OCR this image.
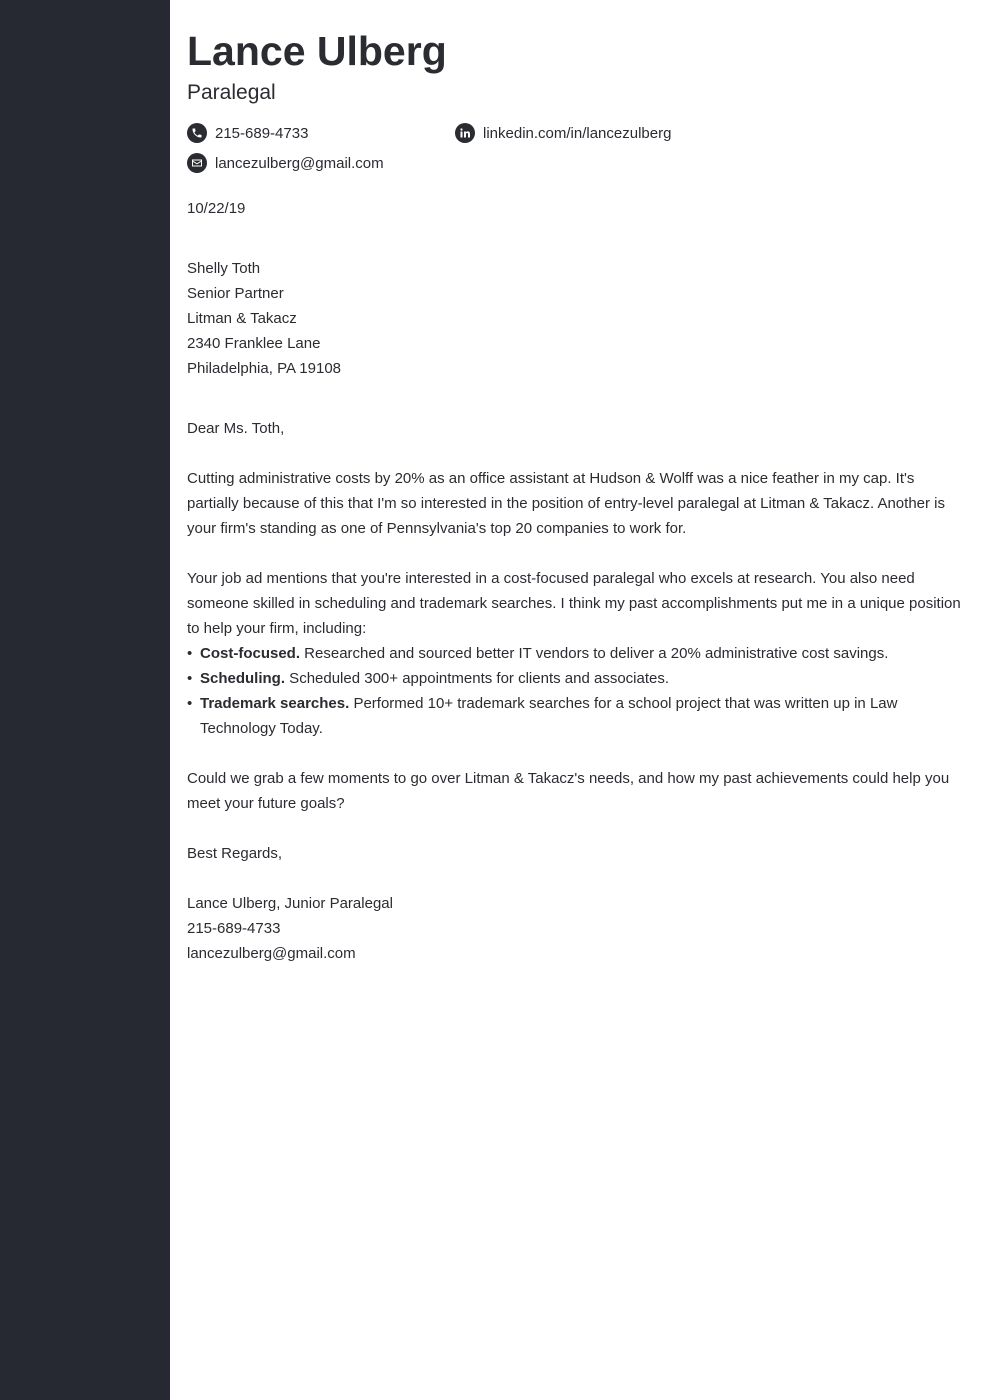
Lance Ulberg
Paralegal
215-689-4733	linkedin.com/in/lancezulberg
lancezulberg@gmail.com

10/22/19

Shelly Toth

Senior Partner

Litman & Takacz

2340 Franklee Lane

Philadelphia, PA 19108

Dear Ms. Toth,

Cutting administrative costs by 20% as an office assistant at Hudson & Wolff was a nice feather in my cap. It's partially because of this that I'm so interested in the position of entry-level paralegal at Litman & Takacz. Another is your firm's standing as one of Pennsylvania's top 20 companies to work for.

Your job ad mentions that you're interested in a cost-focused paralegal who excels at research. You also need someone skilled in scheduling and trademark searches. I think my past accomplishments put me in a unique position to help your firm, including:

• Cost-focused. Researched and sourced better IT vendors to deliver a 20% administrative cost savings.
• Scheduling. Scheduled 300+ appointments for clients and associates.
• Trademark searches. Performed 10+ trademark searches for a school project that was written up in Law Technology Today.

Could we grab a few moments to go over Litman & Takacz's needs, and how my past achievements could help you meet your future goals?

Best Regards,

Lance Ulberg, Junior Paralegal

215-689-4733

lancezulberg@gmail.com
